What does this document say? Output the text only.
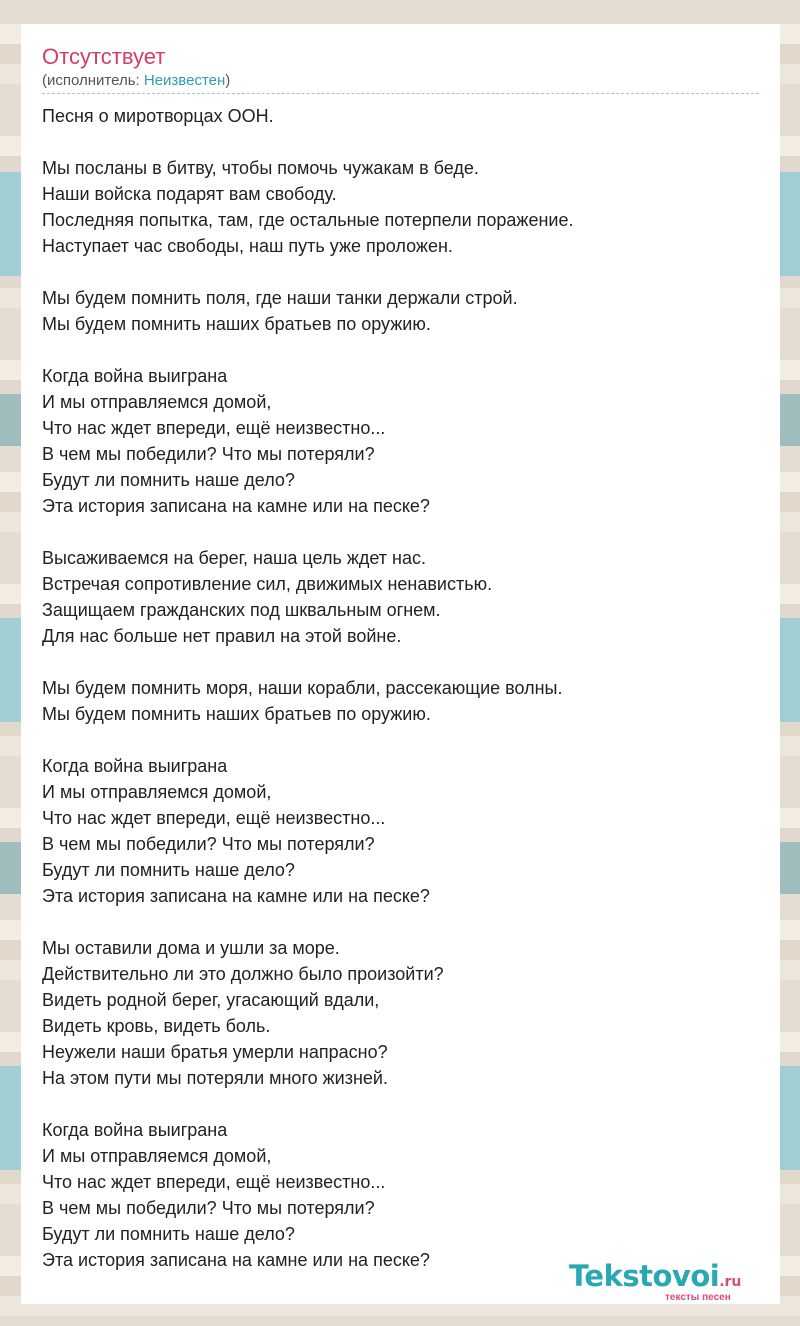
Отсутствует
(исполнитель: Неизвестен)
Песня о миротворцах ООН.
Мы посланы в битву, чтобы помочь чужакам в беде.
Наши войска подарят вам свободу.
Последняя попытка, там, где остальные потерпели поражение.
Наступает час свободы, наш путь уже проложен.
Мы будем помнить поля, где наши танки держали строй.
Мы будем помнить наших братьев по оружию.
Когда война выиграна
И мы отправляемся домой,
Что нас ждет впереди, ещё неизвестно...
В чем мы победили? Что мы потеряли?
Будут ли помнить наше дело?
Эта история записана на камне или на песке?
Высаживаемся на берег, наша цель ждет нас.
Встречая сопротивление сил, движимых ненавистью.
Защищаем гражданских под шквальным огнем.
Для нас больше нет правил на этой войне.
Мы будем помнить моря, наши корабли, рассекающие волны.
Мы будем помнить наших братьев по оружию.
Когда война выиграна
И мы отправляемся домой,
Что нас ждет впереди, ещё неизвестно...
В чем мы победили? Что мы потеряли?
Будут ли помнить наше дело?
Эта история записана на камне или на песке?
Мы оставили дома и ушли за море.
Действительно ли это должно было произойти?
Видеть родной берег, угасающий вдали,
Видеть кровь, видеть боль.
Неужели наши братья умерли напрасно?
На этом пути мы потеряли много жизней.
Когда война выиграна
И мы отправляемся домой,
Что нас ждет впереди, ещё неизвестно...
В чем мы победили? Что мы потеряли?
Будут ли помнить наше дело?
Эта история записана на камне или на песке?	Tekstovoi.ru
тексты песен
